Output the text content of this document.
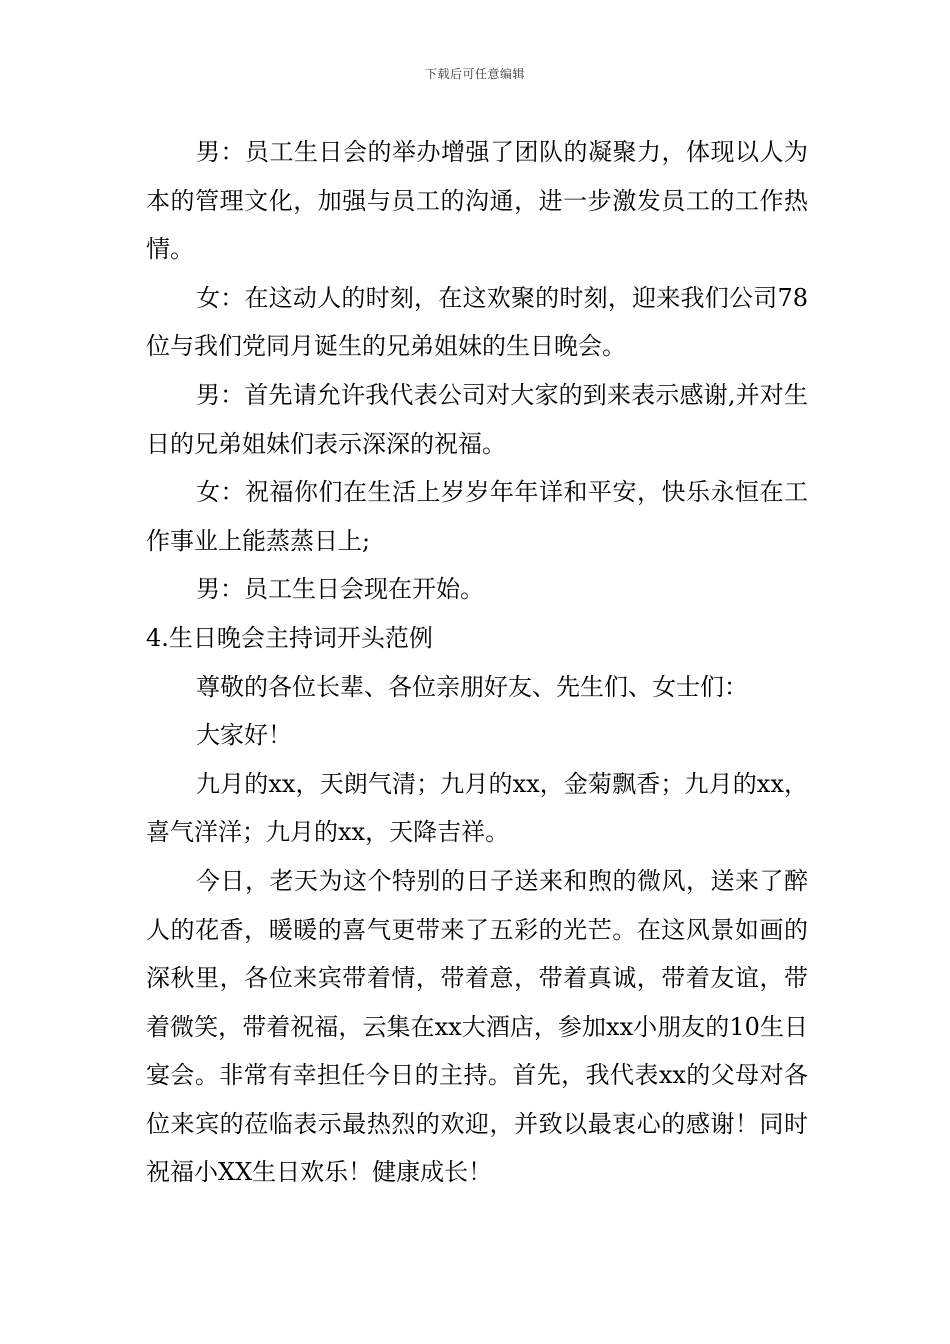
下载后可任意编辑

男：员工生日会的举办增强了团队的凝聚力，体现以人为本的管理文化，加强与员工的沟通，进一步激发员工的工作热情。

女：在这动人的时刻，在这欢聚的时刻，迎来我们公司78位与我们党同月诞生的兄弟姐妹的生日晚会。

男：首先请允许我代表公司对大家的到来表示感谢,并对生日的兄弟姐妹们表示深深的祝福。

女：祝福你们在生活上岁岁年年详和平安，快乐永恒在工作事业上能蒸蒸日上;

男：员工生日会现在开始。

4.生日晚会主持词开头范例

尊敬的各位长辈、各位亲朋好友、先生们、女士们：

大家好！

九月的xx，天朗气清；九月的xx，金菊飘香；九月的xx，喜气洋洋；九月的xx，天降吉祥。

今日，老天为这个特别的日子送来和煦的微风，送来了醉人的花香，暖暖的喜气更带来了五彩的光芒。在这风景如画的深秋里，各位来宾带着情，带着意，带着真诚，带着友谊，带着微笑，带着祝福，云集在xx大酒店，参加xx小朋友的10生日宴会。非常有幸担任今日的主持。首先，我代表xx的父母对各位来宾的莅临表示最热烈的欢迎，并致以最衷心的感谢！同时祝福小XX生日欢乐！健康成长！
